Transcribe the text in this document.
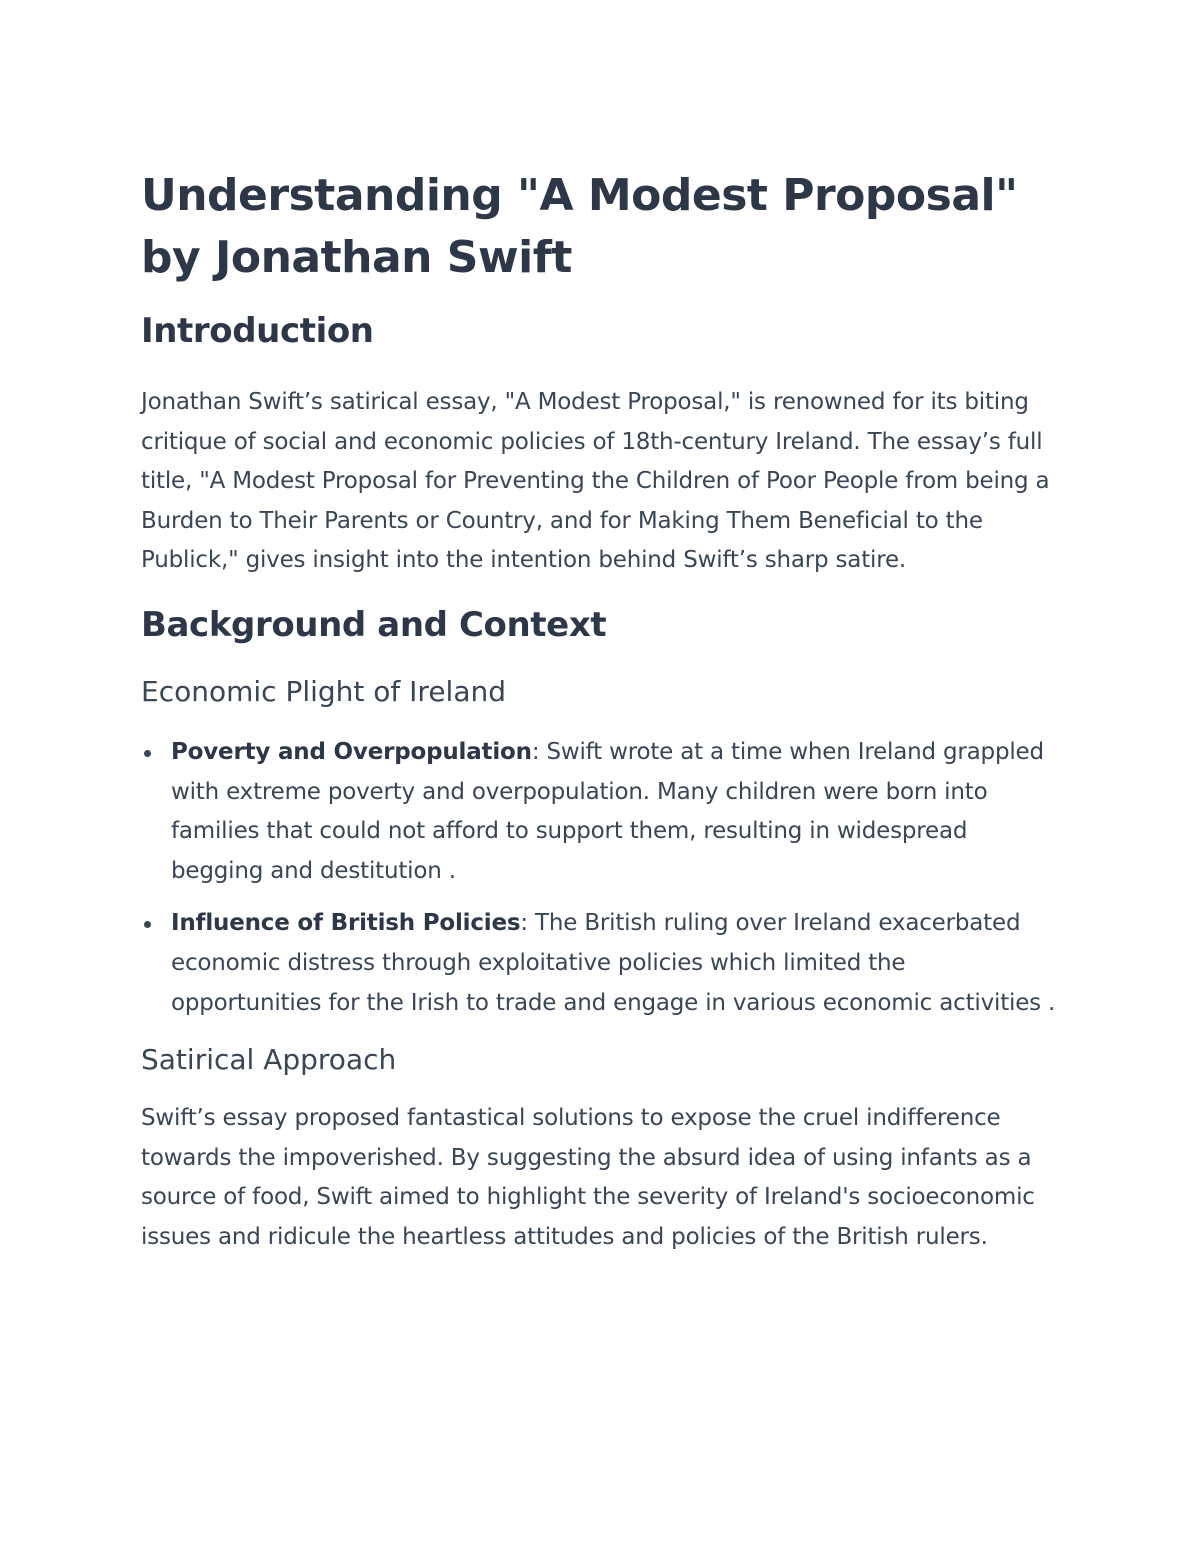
Understanding "A Modest Proposal" by Jonathan Swift
Introduction

Jonathan Swift’s satirical essay, "A Modest Proposal," is renowned for its biting critique of social and economic policies of 18th-century Ireland. The essay’s full title, "A Modest Proposal for Preventing the Children of Poor People from being a Burden to Their Parents or Country, and for Making Them Beneficial to the Publick," gives insight into the intention behind Swift’s sharp satire.

Background and Context
Economic Plight of Ireland
Poverty and Overpopulation: Swift wrote at a time when Ireland grappled with extreme poverty and overpopulation. Many children were born into families that could not afford to support them, resulting in widespread begging and destitution .
Influence of British Policies: The British ruling over Ireland exacerbated economic distress through exploitative policies which limited the opportunities for the Irish to trade and engage in various economic activities .
Satirical Approach

Swift’s essay proposed fantastical solutions to expose the cruel indifference towards the impoverished. By suggesting the absurd idea of using infants as a source of food, Swift aimed to highlight the severity of Ireland's socioeconomic issues and ridicule the heartless attitudes and policies of the British rulers.
